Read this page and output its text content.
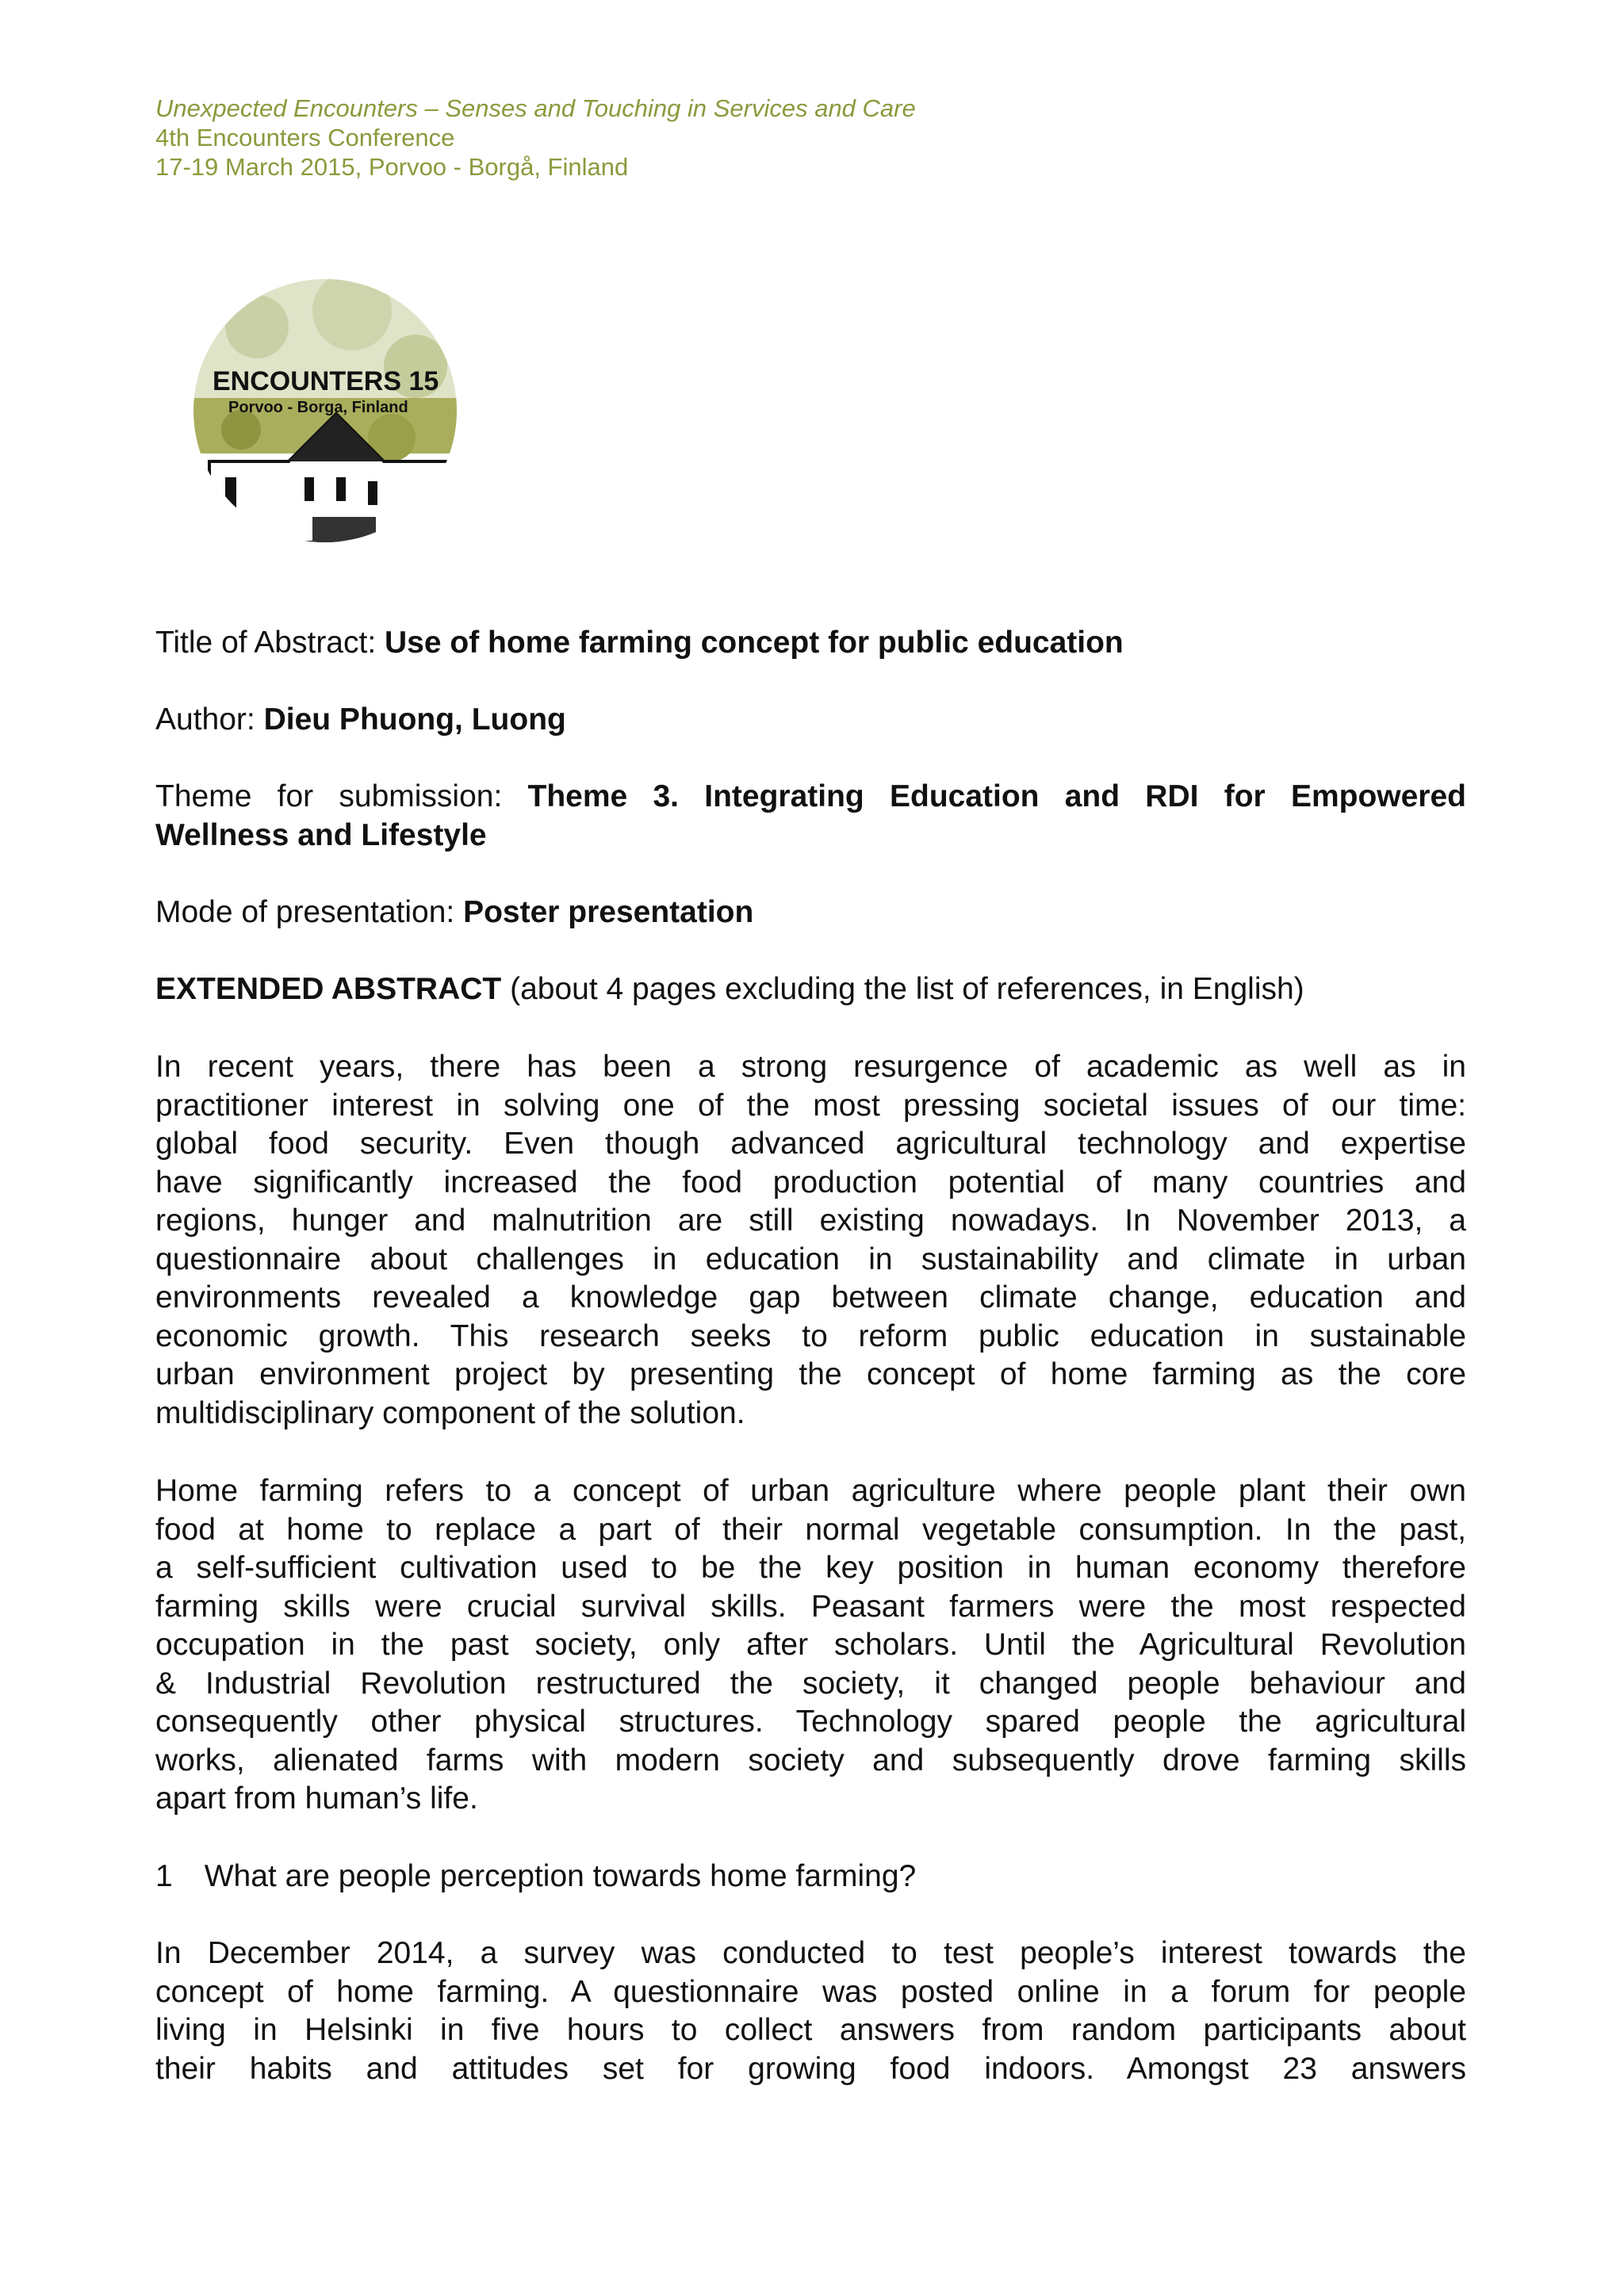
Unexpected Encounters – Senses and Touching in Services and Care
4th Encounters Conference
17-19 March 2015, Porvoo - Borgå, Finland
ENCOUNTERS 15
Porvoo - Borga, Finland
Title of Abstract: Use of home farming concept for public education
Author: Dieu Phuong, Luong
Theme for submission: Theme 3. Integrating Education and RDI for Empowered
Wellness and Lifestyle
Mode of presentation: Poster presentation
EXTENDED ABSTRACT (about 4 pages excluding the list of references, in English)
In recent years, there has been a strong resurgence of academic as well as in
practitioner interest in solving one of the most pressing societal issues of our time:
global food security. Even though advanced agricultural technology and expertise
have significantly increased the food production potential of many countries and
regions, hunger and malnutrition are still existing nowadays. In November 2013, a
questionnaire about challenges in education in sustainability and climate in urban
environments revealed a knowledge gap between climate change, education and
economic growth. This research seeks to reform public education in sustainable
urban environment project by presenting the concept of home farming as the core
multidisciplinary component of the solution.
Home farming refers to a concept of urban agriculture where people plant their own
food at home to replace a part of their normal vegetable consumption. In the past,
a self-sufficient cultivation used to be the key position in human economy therefore
farming skills were crucial survival skills. Peasant farmers were the most respected
occupation in the past society, only after scholars. Until the Agricultural Revolution
& Industrial Revolution restructured the society, it changed people behaviour and
consequently other physical structures. Technology spared people the agricultural
works, alienated farms with modern society and subsequently drove farming skills
apart from human’s life.
1 What are people perception towards home farming?
In December 2014, a survey was conducted to test people’s interest towards the
concept of home farming. A questionnaire was posted online in a forum for people
living in Helsinki in five hours to collect answers from random participants about
their habits and attitudes set for growing food indoors. Amongst 23 answers
